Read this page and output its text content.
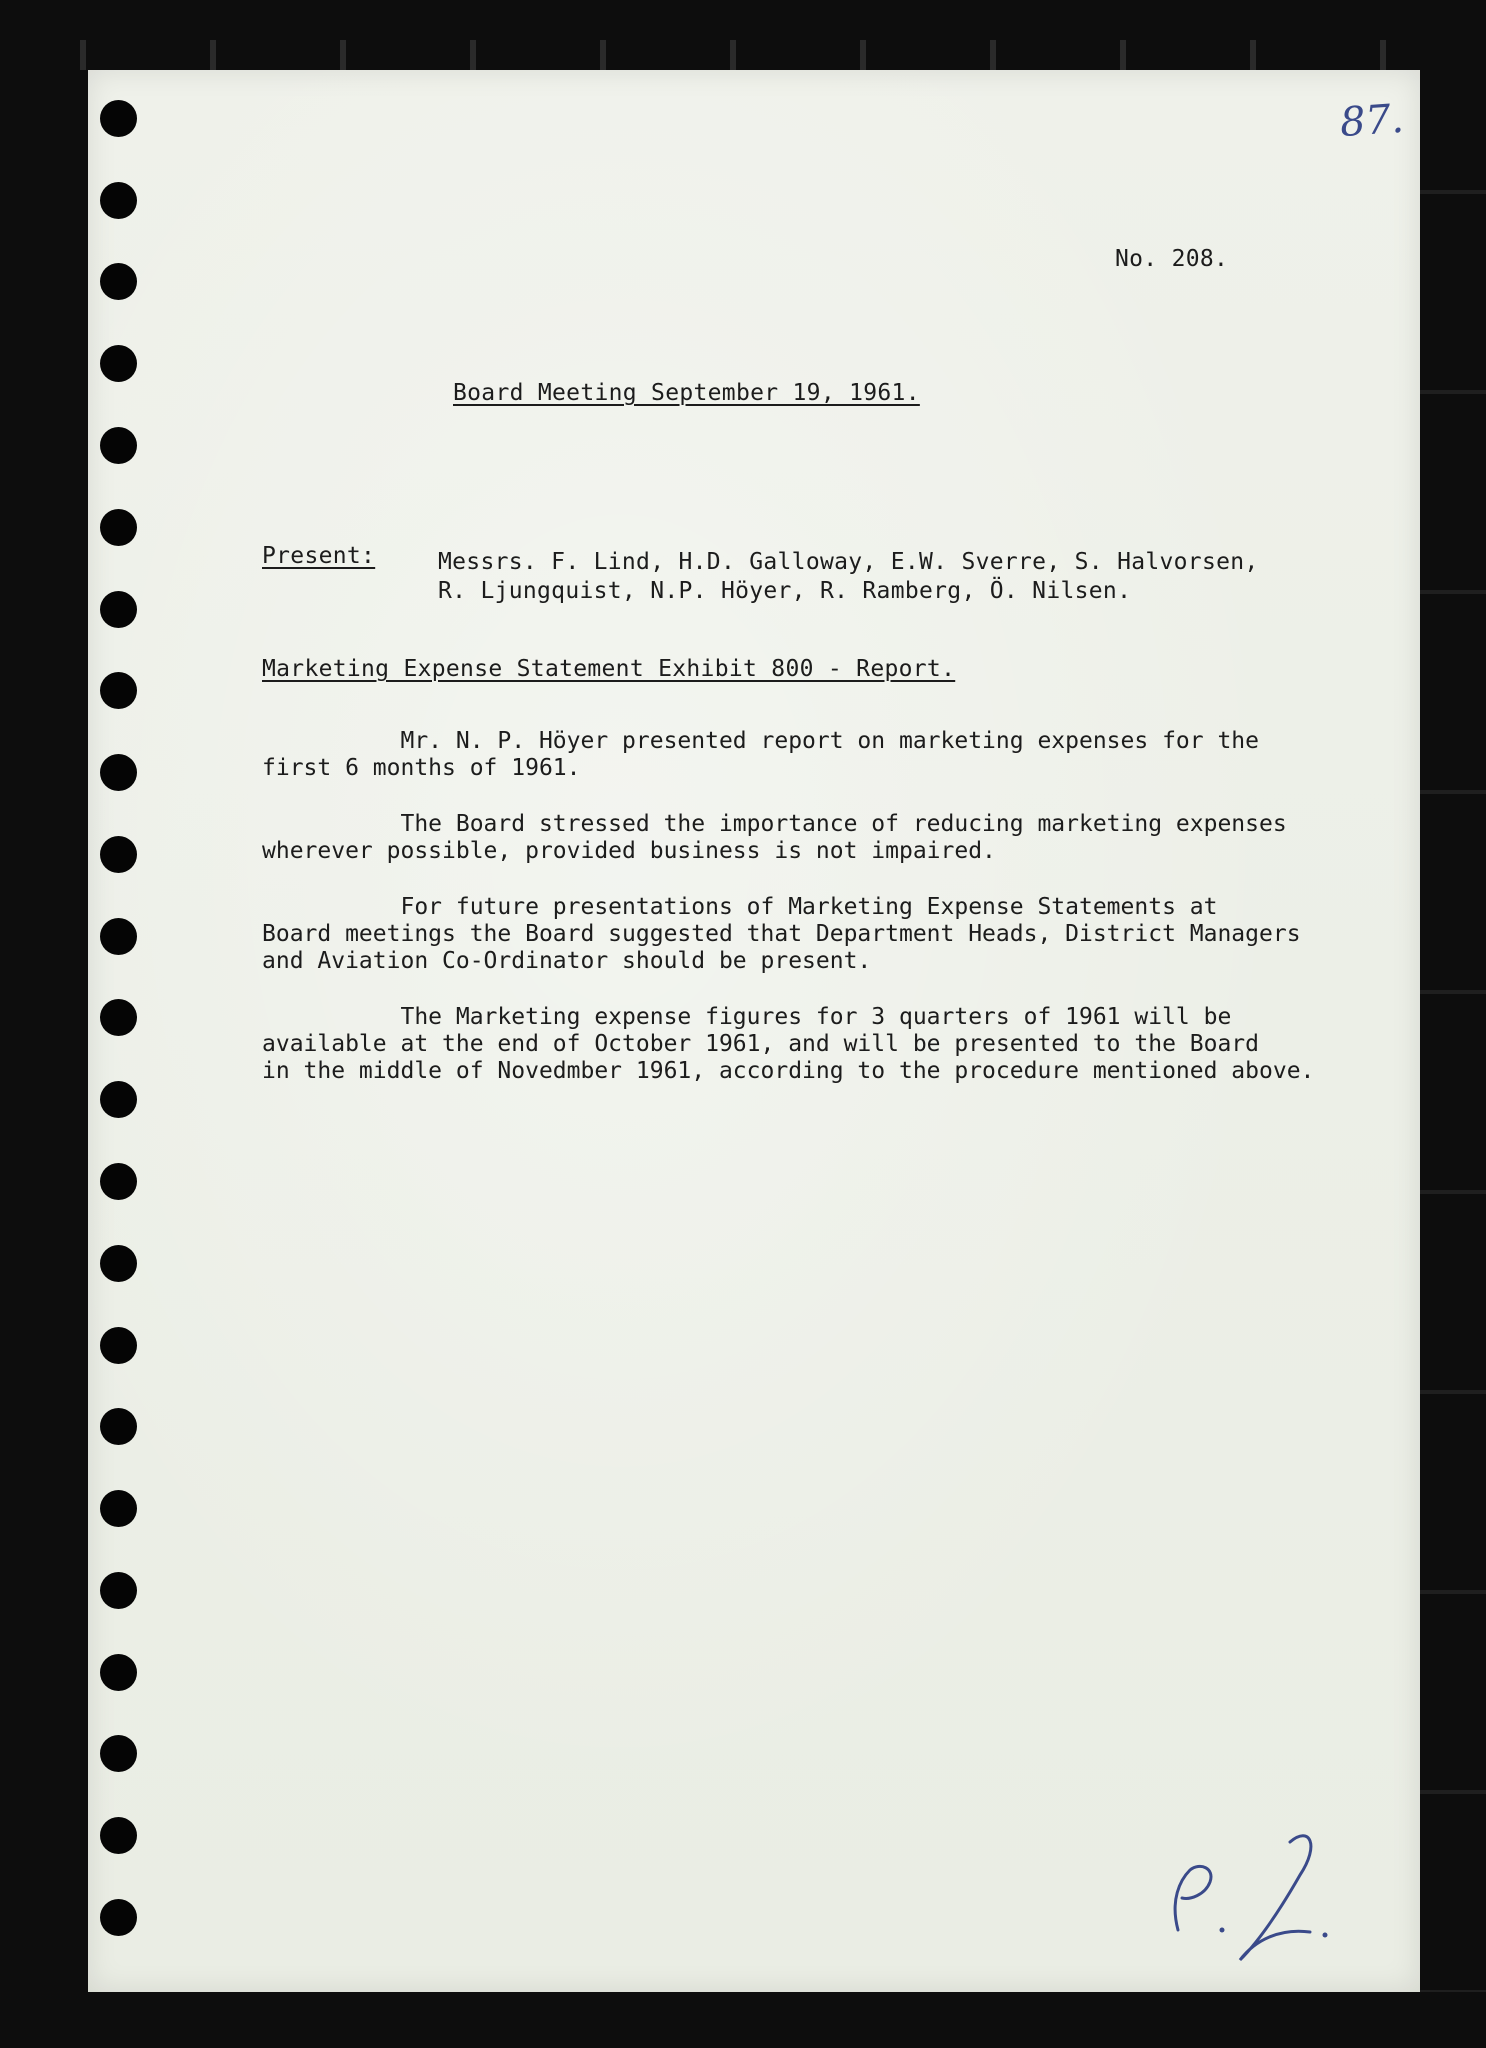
87.
No. 208.
Board Meeting September 19, 1961.
Present:	Messrs. F. Lind, H.D. Galloway, E.W. Sverre, S. Halvorsen,
R. Ljungquist, N.P. Höyer, R. Ramberg, Ö. Nilsen.
Marketing Expense Statement Exhibit 800 - Report.
Mr. N. P. Höyer presented report on marketing expenses for the
first 6 months of 1961.
The Board stressed the importance of reducing marketing expenses
wherever possible, provided business is not impaired.
For future presentations of Marketing Expense Statements at
Board meetings the Board suggested that Department Heads, District Managers
and Aviation Co-Ordinator should be present.
The Marketing expense figures for 3 quarters of 1961 will be
available at the end of October 1961, and will be presented to the Board
in the middle of Novedmber 1961, according to the procedure mentioned above.
